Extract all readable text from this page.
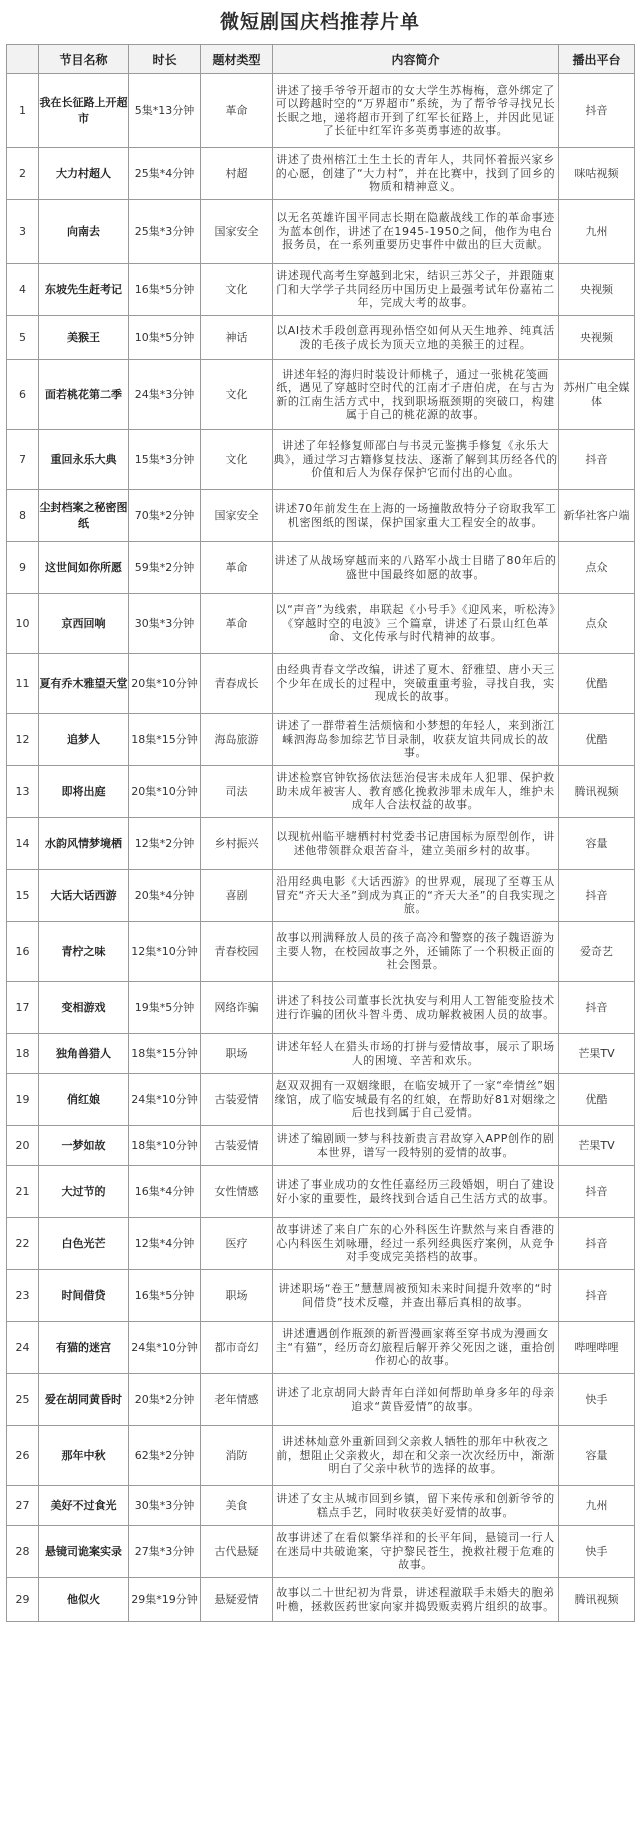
微短剧国庆档推荐片单
	节目名称	时长	题材类型	内容简介	播出平台
1	我在长征路上开超市	5集*13分钟	革命	讲述了接手爷爷开超市的女大学生苏梅梅，意外绑定了可以跨越时空的“万界超市”系统，为了帮爷爷寻找兄长长眠之地，递将超市开到了红军长征路上，并因此见证了长征中红军许多英勇事迹的故事。	抖音
2	大力村超人	25集*4分钟	村超	讲述了贵州榕江土生土长的青年人，共同怀着振兴家乡的心愿，创建了“大力村”，并在比赛中，找到了回乡的物质和精神意义。	咪咕视频
3	向南去	25集*3分钟	国家安全	以无名英雄许国平同志长期在隐蔽战线工作的革命事迹为蓝本创作，讲述了在1945-1950之间，他作为电台报务员，在一系列重要历史事件中做出的巨大贡献。	九州
4	东坡先生赶考记	16集*5分钟	文化	讲述现代高考生穿越到北宋，结识三苏父子，并跟随東门和大学学子共同经历中国历史上最强考试年份嘉祐二年，完成大考的故事。	央视频
5	美猴王	10集*5分钟	神话	以AI技术手段创意再现孙悟空如何从天生地养、纯真活泼的毛孩子成长为顶天立地的美猴王的过程。	央视频
6	面若桃花第二季	24集*3分钟	文化	讲述年轻的海归时装设计师桃子，通过一张桃花笺画纸，遇见了穿越时空时代的江南才子唐伯虎，在与古为新的江南生活方式中，找到职场瓶颈期的突破口，构建属于自己的桃花源的故事。	苏州广电全媒体
7	重回永乐大典	15集*3分钟	文化	讲述了年轻修复师邵白与书灵元鉴携手修复《永乐大典》，通过学习古籍修复技法、逐渐了解到其历经各代的价值和后人为保存保护它而付出的心血。	抖音
8	尘封档案之秘密图纸	70集*2分钟	国家安全	讲述70年前发生在上海的一场撞散敌特分子窃取我军工机密图纸的图谋，保护国家重大工程安全的故事。	新华社客户端
9	这世间如你所愿	59集*2分钟	革命	讲述了从战场穿越而来的八路军小战士目睹了80年后的盛世中国最终如愿的故事。	点众
10	京西回响	30集*3分钟	革命	以“声音”为线索，串联起《小号手》《迎风来，听松涛》《穿越时空的电波》三个篇章，讲述了石景山红色革命、文化传承与时代精神的故事。	点众
11	夏有乔木雅望天堂	20集*10分钟	青春成长	由经典青春文学改编，讲述了夏木、舒雅望、唐小天三个少年在成长的过程中，突破重重考验，寻找自我，实现成长的故事。	优酷
12	追梦人	18集*15分钟	海岛旅游	讲述了一群带着生活烦恼和小梦想的年轻人，来到浙江嵊泗海岛参加综艺节目录制，收获友谊共同成长的故事。	优酷
13	即将出庭	20集*10分钟	司法	讲述检察官钟钦扬依法惩治侵害未成年人犯罪、保护救助未成年被害人、教育感化挽救涉罪未成年人，维护未成年人合法权益的故事。	腾讯视频
14	水韵风情梦境栖	12集*2分钟	乡村振兴	以现杭州临平塘栖村村党委书记唐国标为原型创作，讲述他带领群众艰苦奋斗，建立美丽乡村的故事。	容量
15	大话大话西游	20集*4分钟	喜剧	沿用经典电影《大话西游》的世界观，展现了至尊玉从冒充“齐天大圣”到成为真正的“齐天大圣”的自我实现之旅。	抖音
16	青柠之味	12集*10分钟	青春校园	故事以刑满释放人员的孩子高冷和警察的孩子魏语游为主要人物，在校园故事之外，还铺陈了一个积极正面的社会图景。	爱奇艺
17	变相游戏	19集*5分钟	网络诈骗	讲述了科技公司董事长沈执安与利用人工智能变脸技术进行诈骗的团伙斗智斗勇、成功解救被困人员的故事。	抖音
18	独角兽猎人	18集*15分钟	职场	讲述年轻人在猎头市场的打拼与爱情故事，展示了职场人的困境、辛苦和欢乐。	芒果TV
19	俏红娘	24集*10分钟	古装爱情	赵双双拥有一双姻缘眼，在临安城开了一家“牵情丝”姻缘馆，成了临安城最有名的红娘，在帮助好81对姻缘之后也找到属于自己爱情。	优酷
20	一梦如故	18集*10分钟	古装爱情	讲述了编剧顾一梦与科技新贵言君故穿入APP创作的剧本世界，谱写一段特别的爱情的故事。	芒果TV
21	大过节的	16集*4分钟	女性情感	讲述了事业成功的女性任嘉经历三段婚姻，明白了建设好小家的重要性，最终找到合适自己生活方式的故事。	抖音
22	白色光芒	12集*4分钟	医疗	故事讲述了来自广东的心外科医生许默然与来自香港的心内科医生刘咏珊，经过一系列经典医疗案例，从竞争对手变成完美搭档的故事。	抖音
23	时间借贷	16集*5分钟	职场	讲述职场“卷王”慧慧周被预知未来时间提升效率的“时间借贷”技术反噬，并查出幕后真相的故事。	抖音
24	有猫的迷宫	24集*10分钟	都市奇幻	讲述遭遇创作瓶颈的新晋漫画家蒋至穿书成为漫画女主“有猫”，经历奇幻旅程后解开养父死因之谜，重拾创作初心的故事。	哔哩哔哩
25	爱在胡同黄昏时	20集*2分钟	老年情感	讲述了北京胡同大龄青年白洋如何帮助单身多年的母亲追求“黄昏爱情”的故事。	快手
26	那年中秋	62集*2分钟	消防	讲述林灿意外重新回到父亲救人牺牲的那年中秋夜之前，想阻止父亲救火，却在和父亲一次次经历中，渐渐明白了父亲中秋节的选择的故事。	容量
27	美好不过食光	30集*3分钟	美食	讲述了女主从城市回到乡镇，留下来传承和创新爷爷的糕点手艺，同时收获美好爱情的故事。	九州
28	悬镜司诡案实录	27集*3分钟	古代悬疑	故事讲述了在看似繁华祥和的长平年间，悬镜司一行人在迷局中共破诡案，守护黎民苍生，挽救社稷于危难的故事。	快手
29	他似火	29集*19分钟	悬疑爱情	故事以二十世纪初为背景，讲述程澈联手未婚夫的胞弟叶檐，拯救医药世家向家并捣毁贩卖鸦片组织的故事。	腾讯视频
